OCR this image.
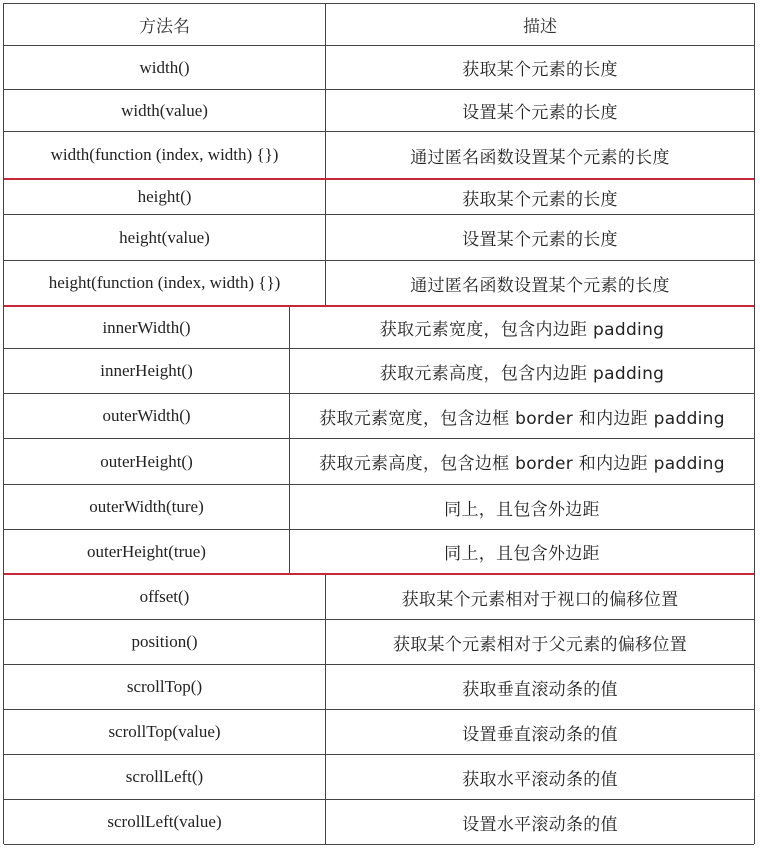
方法名	描述
width()	获取某个元素的长度
width(value)	设置某个元素的长度
width(function (index, width) {})	通过匿名函数设置某个元素的长度
height()	获取某个元素的长度
height(value)	设置某个元素的长度
height(function (index, width) {})	通过匿名函数设置某个元素的长度
innerWidth()	获取元素宽度，包含内边距 padding
innerHeight()	获取元素高度，包含内边距 padding
outerWidth()	获取元素宽度，包含边框 border 和内边距 padding
outerHeight()	获取元素高度，包含边框 border 和内边距 padding
outerWidth(ture)	同上，且包含外边距
outerHeight(true)	同上，且包含外边距
offset()	获取某个元素相对于视口的偏移位置
position()	获取某个元素相对于父元素的偏移位置
scrollTop()	获取垂直滚动条的值
scrollTop(value)	设置垂直滚动条的值
scrollLeft()	获取水平滚动条的值
scrollLeft(value)	设置水平滚动条的值
